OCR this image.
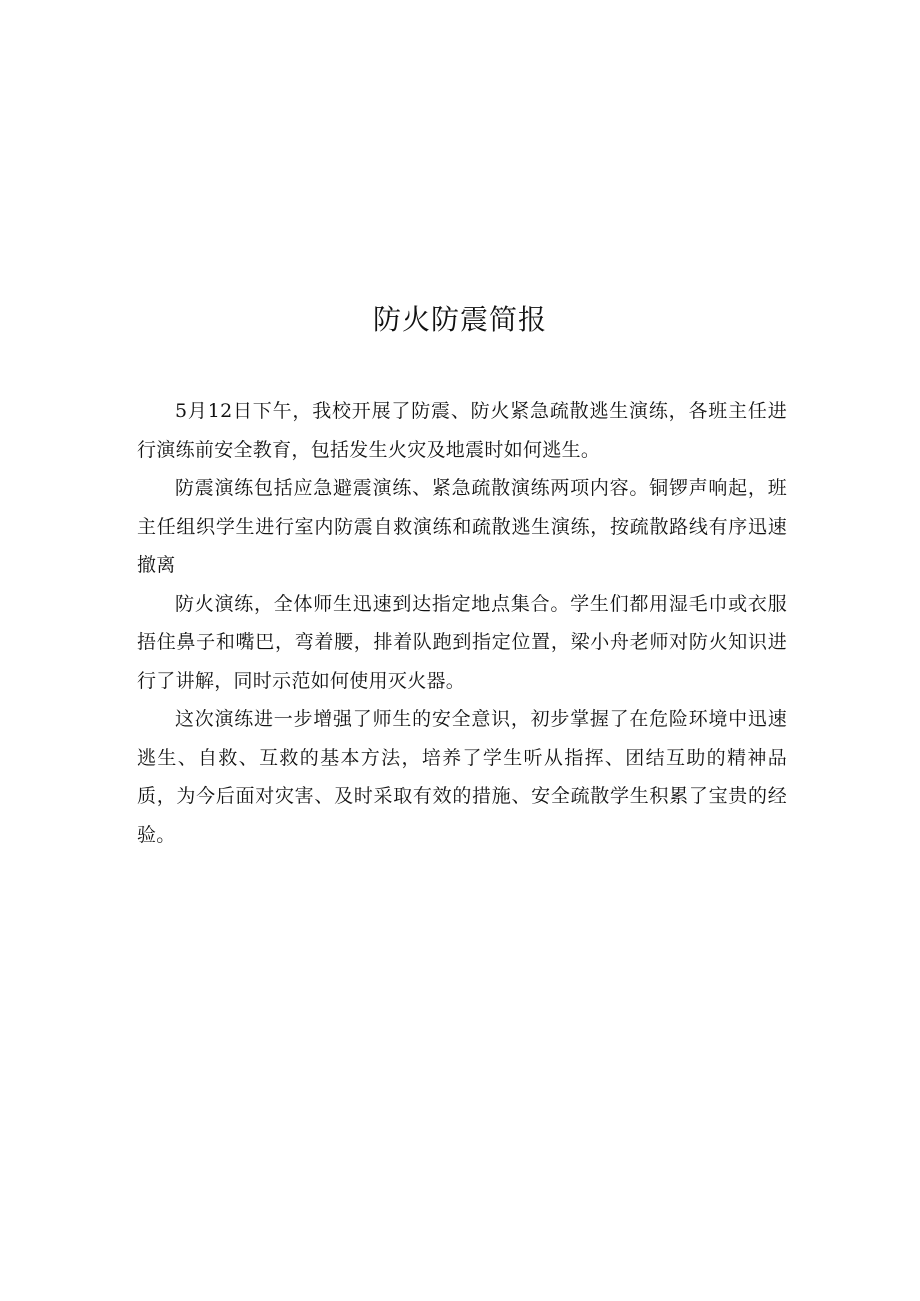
防火防震简报

5月12日下午，我校开展了防震、防火紧急疏散逃生演练，各班主任进行演练前安全教育，包括发生火灾及地震时如何逃生。

防震演练包括应急避震演练、紧急疏散演练两项内容。铜锣声响起，班主任组织学生进行室内防震自救演练和疏散逃生演练，按疏散路线有序迅速撤离

防火演练，全体师生迅速到达指定地点集合。学生们都用湿毛巾或衣服捂住鼻子和嘴巴，弯着腰，排着队跑到指定位置，梁小舟老师对防火知识进行了讲解，同时示范如何使用灭火器。

这次演练进一步增强了师生的安全意识，初步掌握了在危险环境中迅速逃生、自救、互救的基本方法，培养了学生听从指挥、团结互助的精神品质，为今后面对灾害、及时采取有效的措施、安全疏散学生积累了宝贵的经验。
